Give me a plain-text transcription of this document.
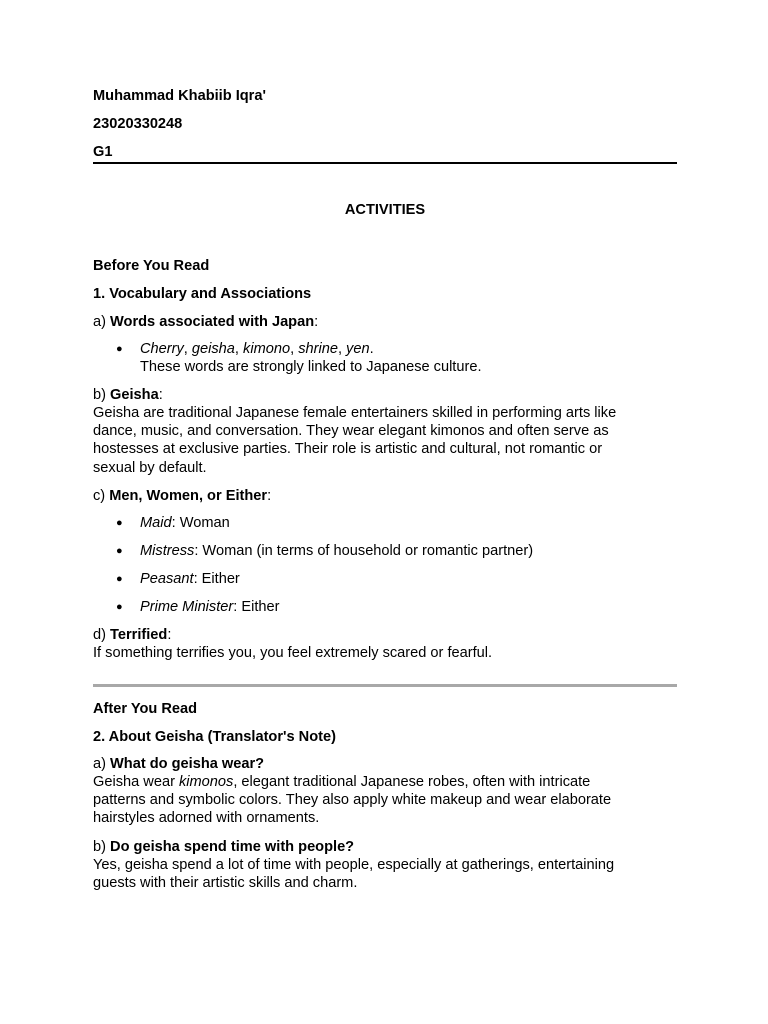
Muhammad Khabiib Iqra'
23020330248
G1
ACTIVITIES
Before You Read
1. Vocabulary and Associations
a) Words associated with Japan:
● Cherry, geisha, kimono, shrine, yen.
These words are strongly linked to Japanese culture.
b) Geisha:
Geisha are traditional Japanese female entertainers skilled in performing arts like
dance, music, and conversation. They wear elegant kimonos and often serve as
hostesses at exclusive parties. Their role is artistic and cultural, not romantic or
sexual by default.
c) Men, Women, or Either:
● Maid: Woman
● Mistress: Woman (in terms of household or romantic partner)
● Peasant: Either
● Prime Minister: Either
d) Terrified:
If something terrifies you, you feel extremely scared or fearful.
After You Read
2. About Geisha (Translator's Note)
a) What do geisha wear?
Geisha wear kimonos, elegant traditional Japanese robes, often with intricate
patterns and symbolic colors. They also apply white makeup and wear elaborate
hairstyles adorned with ornaments.
b) Do geisha spend time with people?
Yes, geisha spend a lot of time with people, especially at gatherings, entertaining
guests with their artistic skills and charm.
